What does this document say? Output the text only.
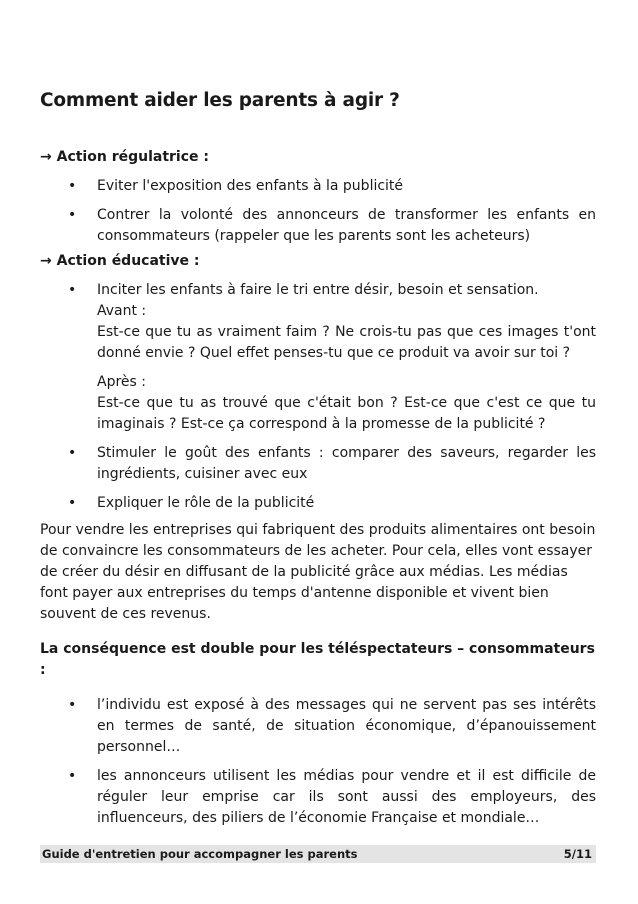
Comment aider les parents à agir ?

→ Action régulatrice :

• Eviter l'exposition des enfants à la publicité
• Contrer la volonté des annonceurs de transformer les enfants en consommateurs (rappeler que les parents sont les acheteurs)

→ Action éducative :

• Inciter les enfants à faire le tri entre désir, besoin et sensation.
Avant :
Est-ce que tu as vraiment faim ? Ne crois-tu pas que ces images t'ont donné envie ? Quel effet penses-tu que ce produit va avoir sur toi ?
Après :
Est-ce que tu as trouvé que c'était bon ? Est-ce que c'est ce que tu imaginais ? Est-ce ça correspond à la promesse de la publicité ?
• Stimuler le goût des enfants : comparer des saveurs, regarder les ingrédients, cuisiner avec eux
• Expliquer le rôle de la publicité

Pour vendre les entreprises qui fabriquent des produits alimentaires ont besoin de convaincre les consommateurs de les acheter. Pour cela, elles vont essayer de créer du désir en diffusant de la publicité grâce aux médias. Les médias font payer aux entreprises du temps d'antenne disponible et vivent bien souvent de ces revenus.

La conséquence est double pour les téléspectateurs – consommateurs :

• l’individu est exposé à des messages qui ne servent pas ses intérêts en termes de santé, de situation économique, d’épanouissement personnel…
• les annonceurs utilisent les médias pour vendre et il est difficile de réguler leur emprise car ils sont aussi des employeurs, des influenceurs, des piliers de l’économie Française et mondiale…
Guide d'entretien pour accompagner les parents	5/11
